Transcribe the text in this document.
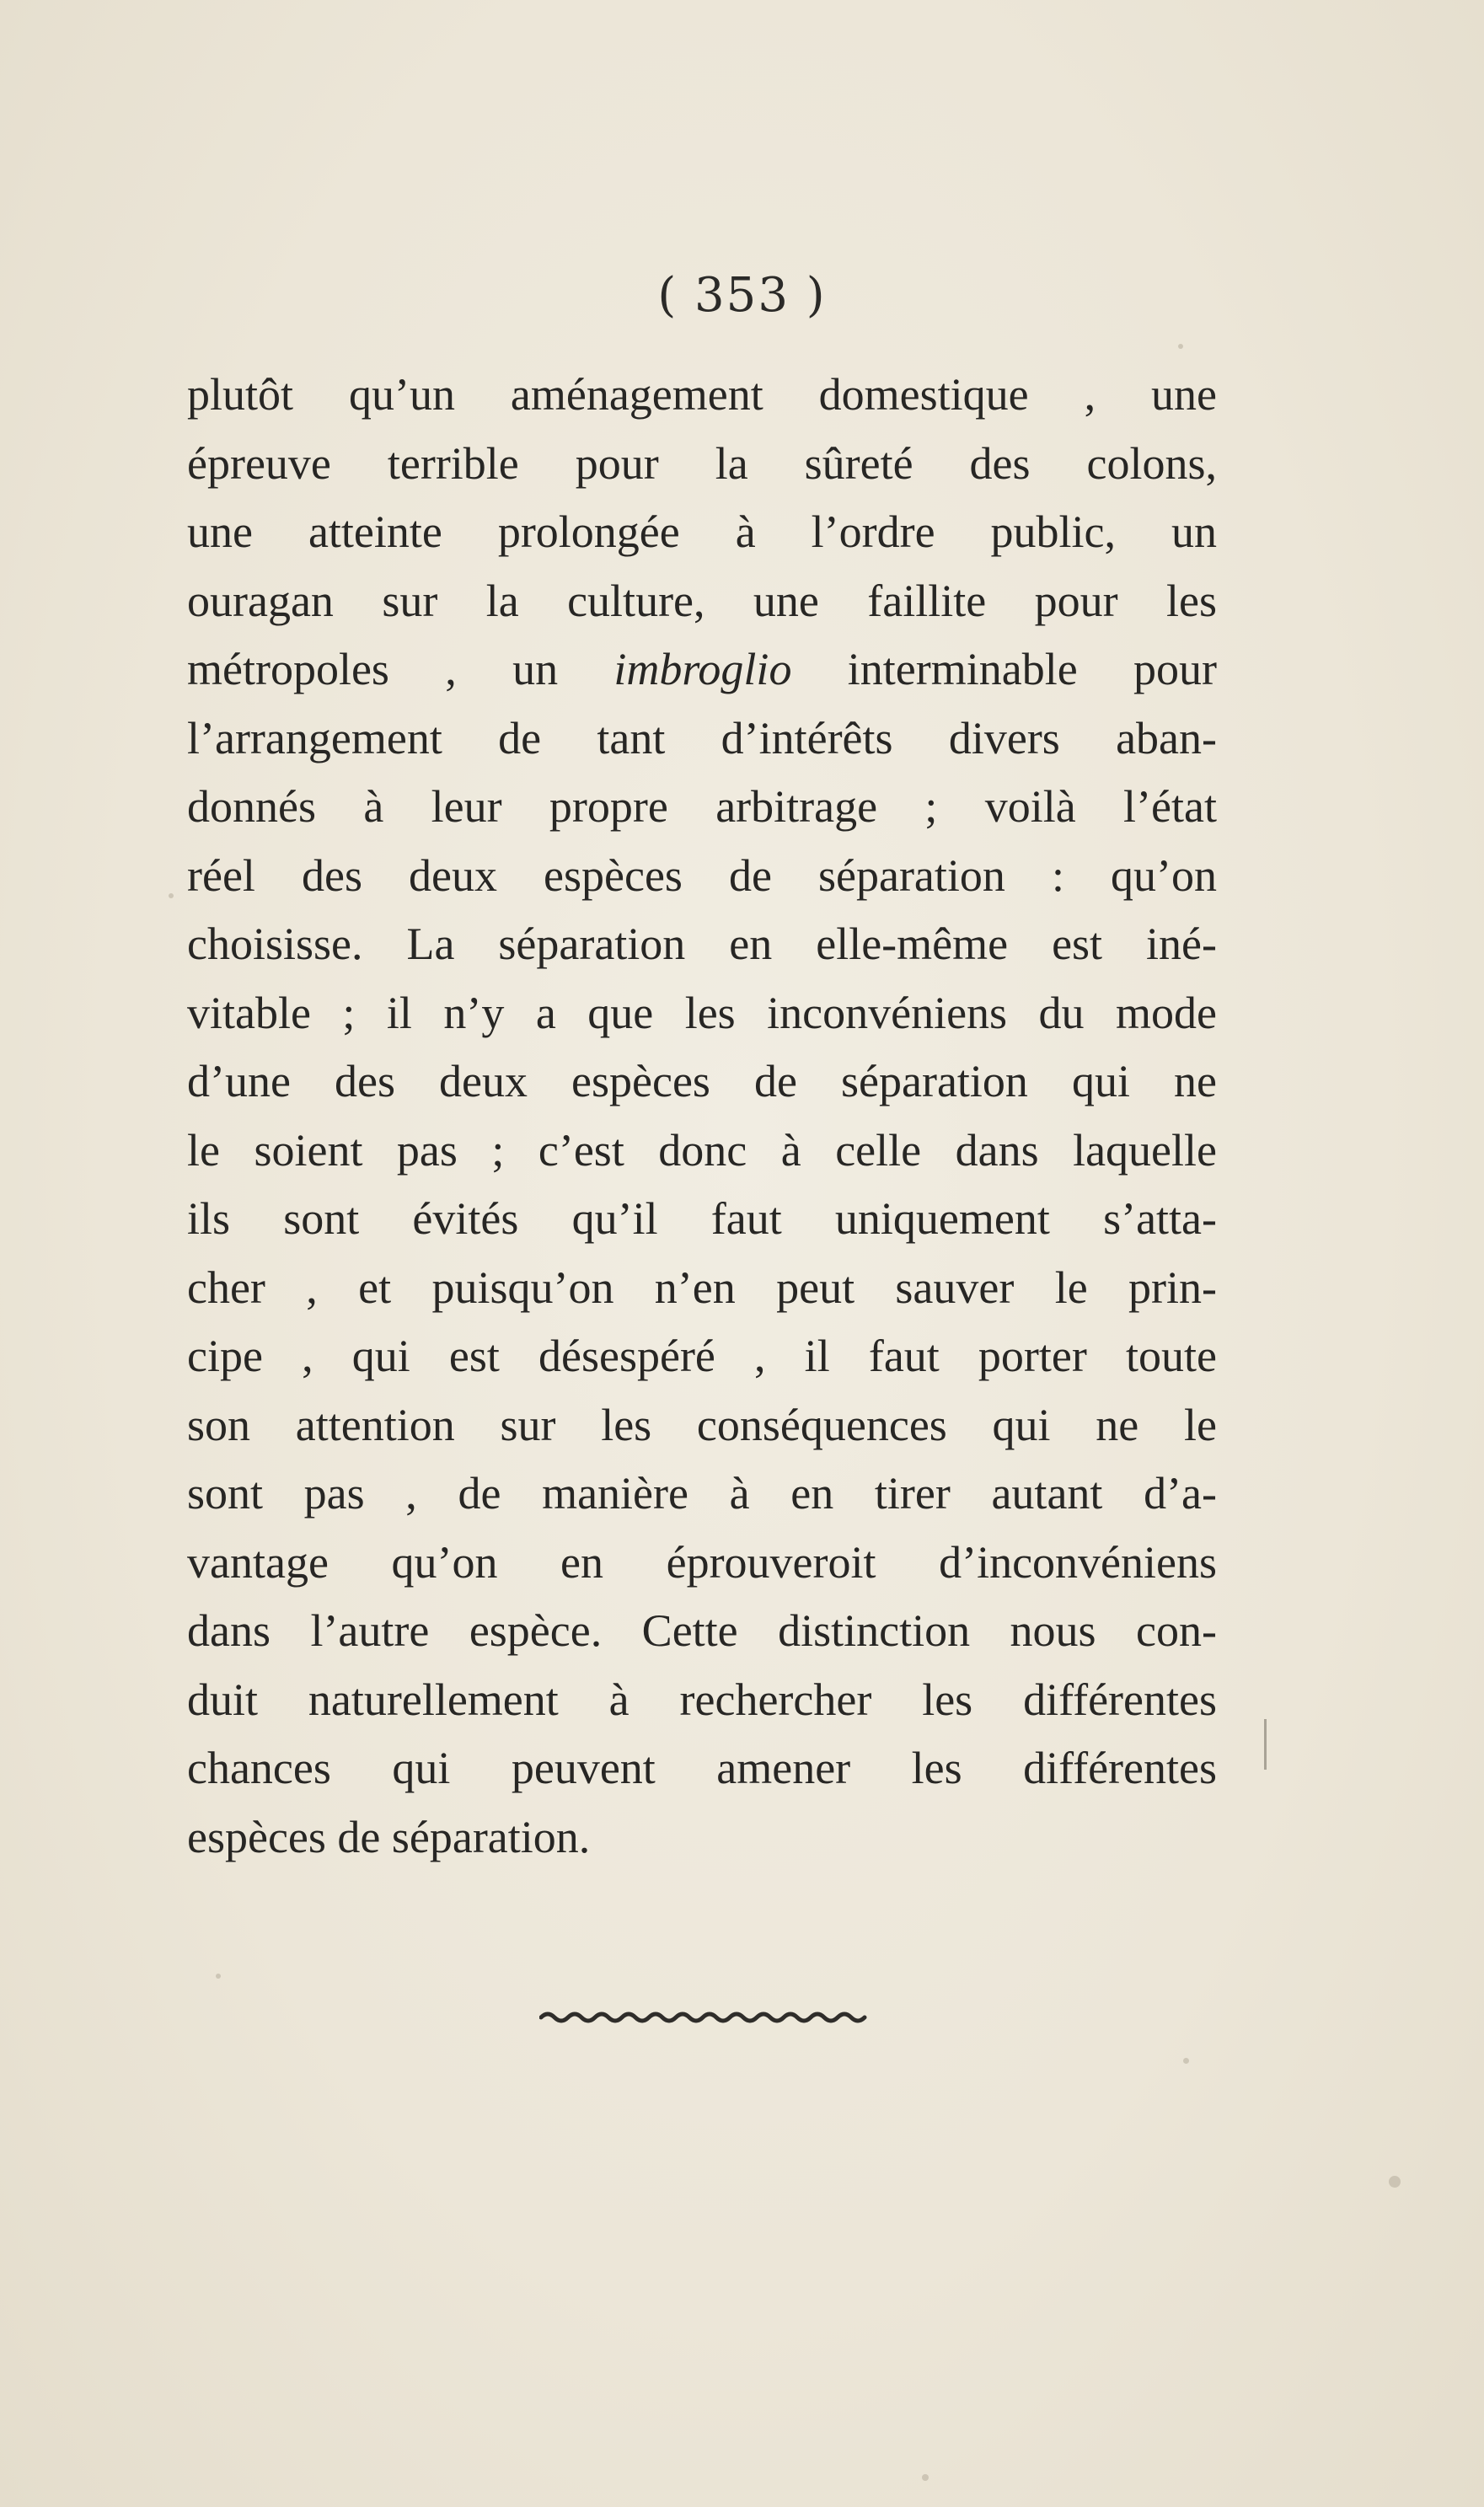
( 353 )
plutôt qu’un aménagement domestique , une
épreuve terrible pour la sûreté des colons,
une atteinte prolongée à l’ordre public, un
ouragan sur la culture, une faillite pour les
métropoles , un imbroglio interminable pour
l’arrangement de tant d’intérêts divers aban-
donnés à leur propre arbitrage ; voilà l’état
réel des deux espèces de séparation : qu’on
choisisse. La séparation en elle-même est iné-
vitable ; il n’y a que les inconvéniens du mode
d’une des deux espèces de séparation qui ne
le soient pas ; c’est donc à celle dans laquelle
ils sont évités qu’il faut uniquement s’atta-
cher , et puisqu’on n’en peut sauver le prin-
cipe , qui est désespéré , il faut porter toute
son attention sur les conséquences qui ne le
sont pas , de manière à en tirer autant d’a-
vantage qu’on en éprouveroit d’inconvéniens
dans l’autre espèce. Cette distinction nous con-
duit naturellement à rechercher les différentes
chances qui peuvent amener les différentes
espèces de séparation.
